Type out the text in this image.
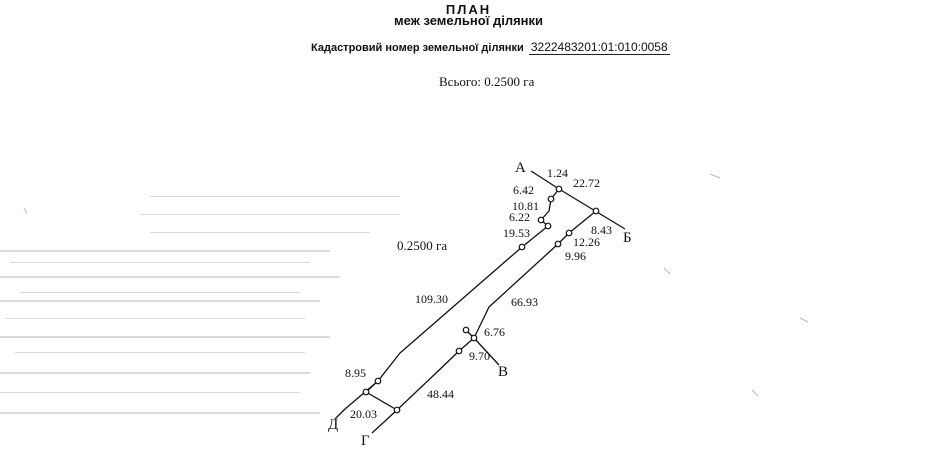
ПЛАН
меж земельної ділянки
Кадастровий номер земельної ділянки 3222483201:01:010:0058
Всього: 0.2500 га
А
Б
В
Г
Д
0.2500 га
1.24
22.72
6.42
10.81
6.22
8.43
19.53
12.26
9.96
109.30	66.93
6.76
9.70
8.95
48.44
20.03
